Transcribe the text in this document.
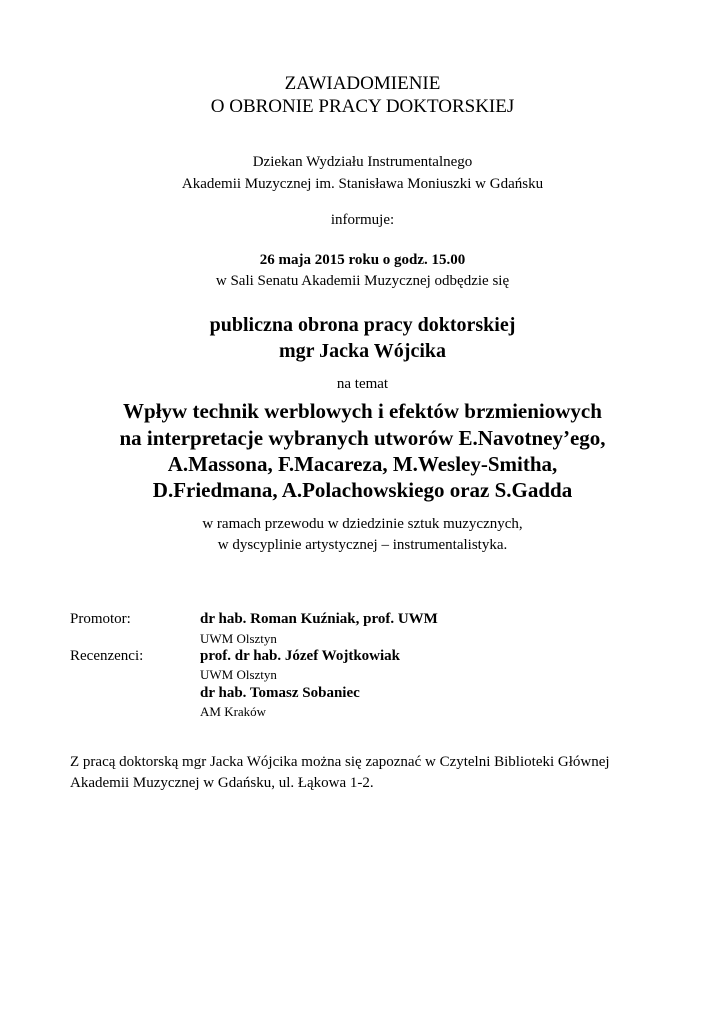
ZAWIADOMIENIE
O OBRONIE PRACY DOKTORSKIEJ
Dziekan Wydziału Instrumentalnego
Akademii Muzycznej im. Stanisława Moniuszki w Gdańsku
informuje:
26 maja 2015 roku o godz. 15.00
w Sali Senatu Akademii Muzycznej odbędzie się
publiczna obrona pracy doktorskiej
mgr Jacka Wójcika
na temat
Wpływ technik werblowych i efektów brzmieniowych
na interpretacje wybranych utworów E.Navotney’ego,
A.Massona, F.Macareza, M.Wesley-Smitha,
D.Friedmana, A.Polachowskiego oraz S.Gadda
w ramach przewodu w dziedzinie sztuk muzycznych,
w dyscyplinie artystycznej – instrumentalistyka.
Promotor:	dr hab. Roman Kuźniak, prof. UWM
UWM Olsztyn
Recenzenci:	prof. dr hab. Józef Wojtkowiak
UWM Olsztyn
dr hab. Tomasz Sobaniec
AM Kraków
Z pracą doktorską mgr Jacka Wójcika można się zapoznać w Czytelni Biblioteki Głównej
Akademii Muzycznej w Gdańsku, ul. Łąkowa 1-2.
